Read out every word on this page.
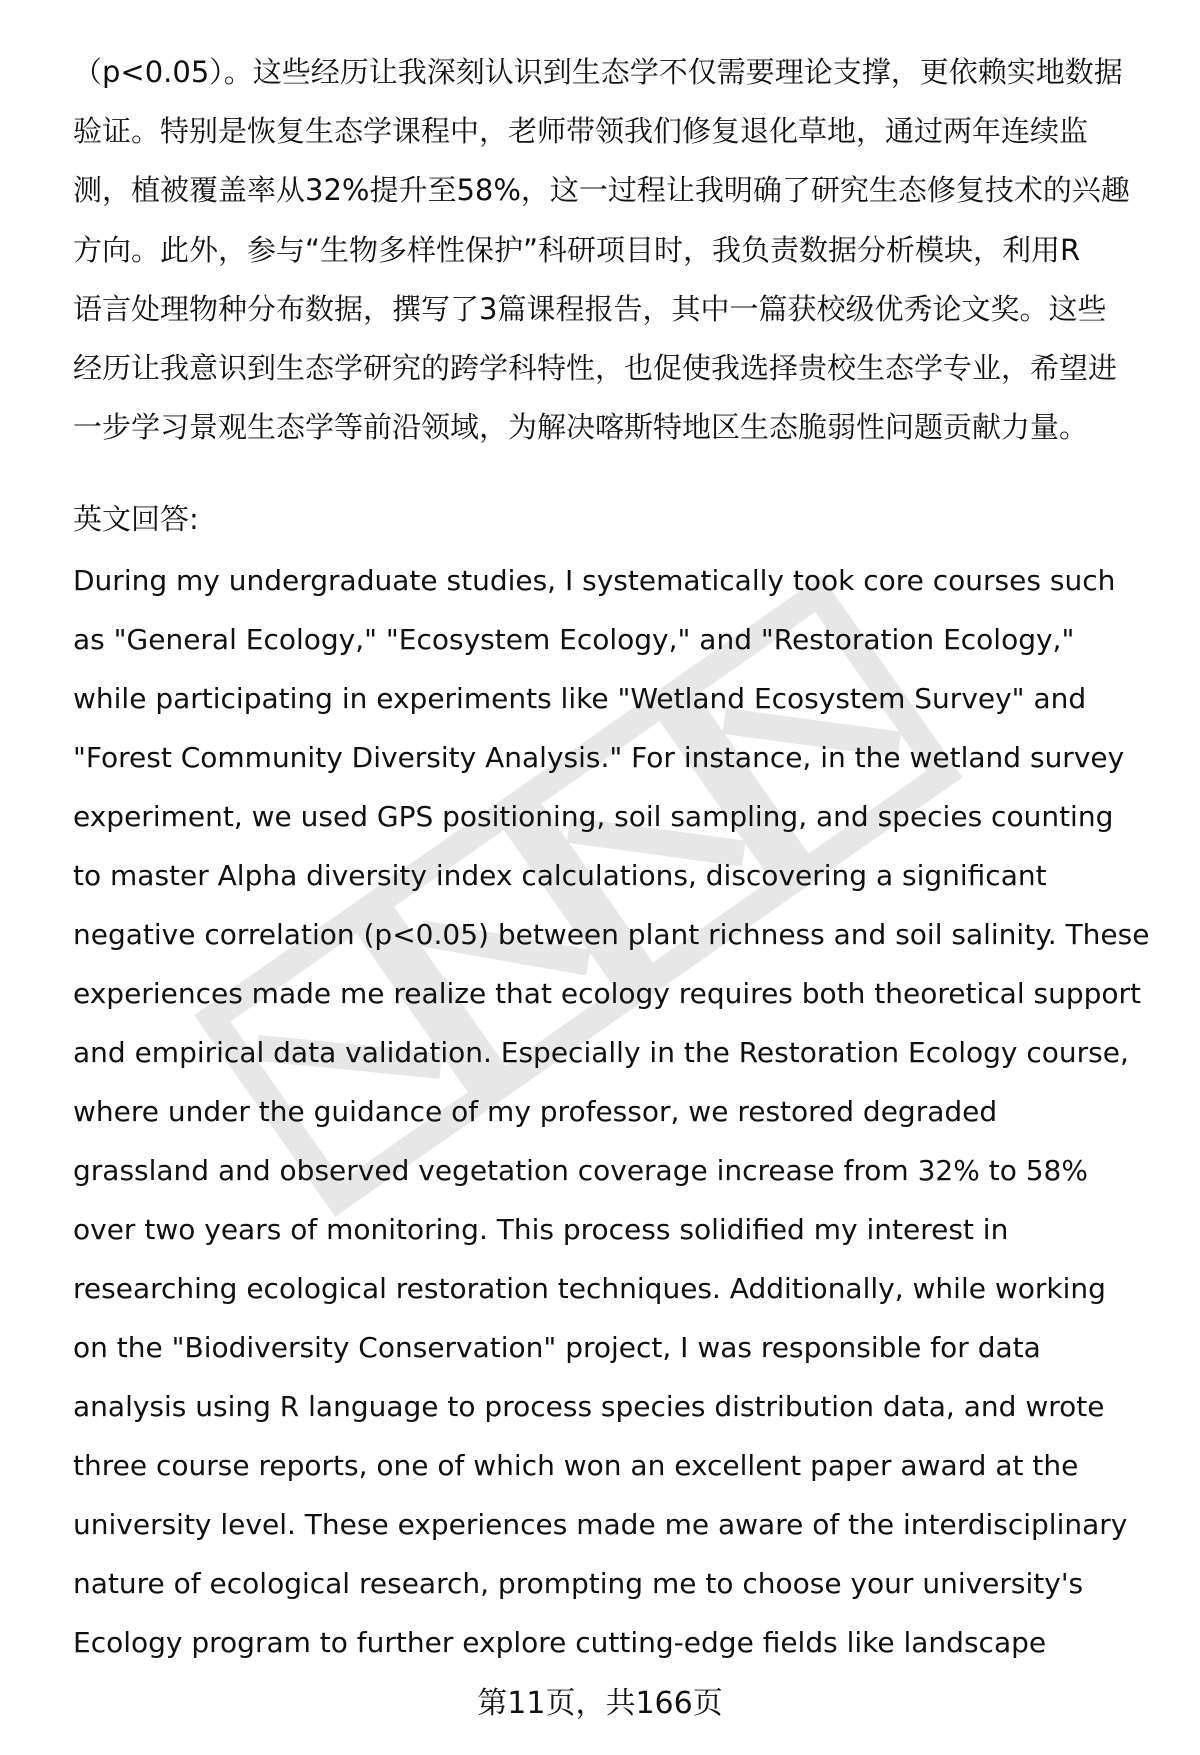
（p<0.05）。这些经历让我深刻认识到生态学不仅需要理论支撑，更依赖实地数据
验证。特别是恢复生态学课程中，老师带领我们修复退化草地，通过两年连续监
测，植被覆盖率从32%提升至58%，这一过程让我明确了研究生态修复技术的兴趣
方向。此外，参与“生物多样性保护”科研项目时，我负责数据分析模块，利用R
语言处理物种分布数据，撰写了3篇课程报告，其中一篇获校级优秀论文奖。这些
经历让我意识到生态学研究的跨学科特性，也促使我选择贵校生态学专业，希望进
一步学习景观生态学等前沿领域，为解决喀斯特地区生态脆弱性问题贡献力量。
英文回答:
During my undergraduate studies, I systematically took core courses such
as "General Ecology," "Ecosystem Ecology," and "Restoration Ecology,"
while participating in experiments like "Wetland Ecosystem Survey" and
"Forest Community Diversity Analysis." For instance, in the wetland survey
experiment, we used GPS positioning, soil sampling, and species counting
to master Alpha diversity index calculations, discovering a significant
negative correlation (p<0.05) between plant richness and soil salinity. These
experiences made me realize that ecology requires both theoretical support
and empirical data validation. Especially in the Restoration Ecology course,
where under the guidance of my professor, we restored degraded
grassland and observed vegetation coverage increase from 32% to 58%
over two years of monitoring. This process solidified my interest in
researching ecological restoration techniques. Additionally, while working
on the "Biodiversity Conservation" project, I was responsible for data
analysis using R language to process species distribution data, and wrote
three course reports, one of which won an excellent paper award at the
university level. These experiences made me aware of the interdisciplinary
nature of ecological research, prompting me to choose your university's
Ecology program to further explore cutting-edge fields like landscape
第11页，共166页
